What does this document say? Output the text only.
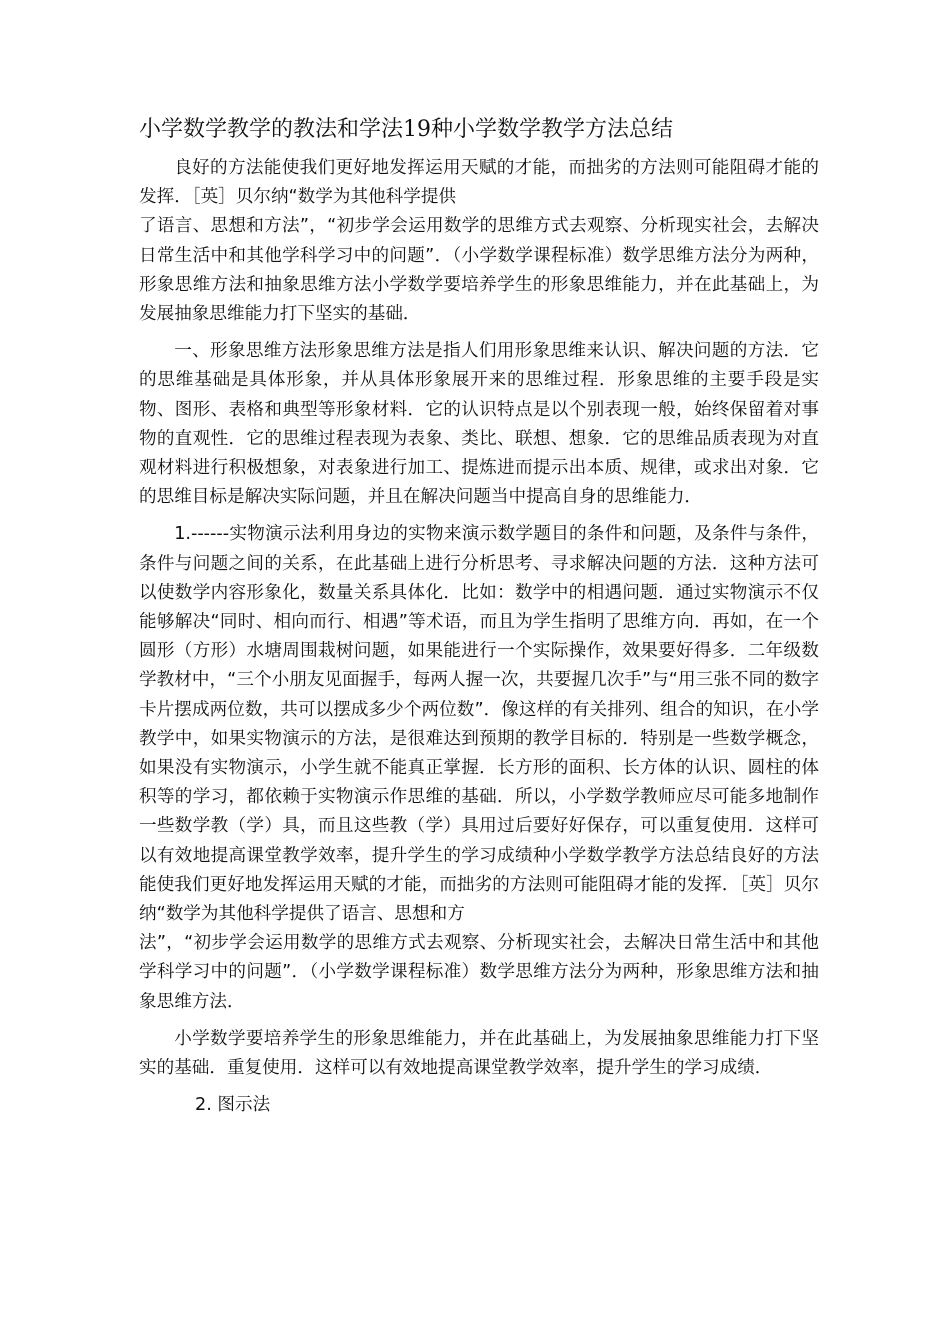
小学数学教学的教法和学法19种小学数学教学方法总结

良好的方法能使我们更好地发挥运用天赋的才能，而拙劣的方法则可能阻碍才能的发挥．［英］贝尔纳“数学为其他科学提供

了语言、思想和方法”，“初步学会运用数学的思维方式去观察、分析现实社会，去解决日常生活中和其他学科学习中的问题”．（小学数学课程标准）数学思维方法分为两种，形象思维方法和抽象思维方法小学数学要培养学生的形象思维能力，并在此基础上，为发展抽象思维能力打下坚实的基础．

一、形象思维方法形象思维方法是指人们用形象思维来认识、解决问题的方法．它的思维基础是具体形象，并从具体形象展开来的思维过程．形象思维的主要手段是实物、图形、表格和典型等形象材料．它的认识特点是以个别表现一般，始终保留着对事物的直观性．它的思维过程表现为表象、类比、联想、想象．它的思维品质表现为对直观材料进行积极想象，对表象进行加工、提炼进而提示出本质、规律，或求出对象．它的思维目标是解决实际问题，并且在解决问题当中提高自身的思维能力．

1.------实物演示法利用身边的实物来演示数学题目的条件和问题，及条件与条件，条件与问题之间的关系，在此基础上进行分析思考、寻求解决问题的方法．这种方法可以使数学内容形象化，数量关系具体化．比如：数学中的相遇问题．通过实物演示不仅能够解决“同时、相向而行、相遇”等术语，而且为学生指明了思维方向．再如，在一个圆形（方形）水塘周围栽树问题，如果能进行一个实际操作，效果要好得多．二年级数学教材中，“三个小朋友见面握手，每两人握一次，共要握几次手”与“用三张不同的数字卡片摆成两位数，共可以摆成多少个两位数”．像这样的有关排列、组合的知识，在小学教学中，如果实物演示的方法，是很难达到预期的教学目标的．特别是一些数学概念，如果没有实物演示，小学生就不能真正掌握．长方形的面积、长方体的认识、圆柱的体积等的学习，都依赖于实物演示作思维的基础．所以，小学数学教师应尽可能多地制作一些数学教（学）具，而且这些教（学）具用过后要好好保存，可以重复使用．这样可以有效地提高课堂教学效率，提升学生的学习成绩种小学数学教学方法总结良好的方法能使我们更好地发挥运用天赋的才能，而拙劣的方法则可能阻碍才能的发挥．［英］贝尔纳“数学为其他科学提供了语言、思想和方

法”，“初步学会运用数学的思维方式去观察、分析现实社会，去解决日常生活中和其他学科学习中的问题”．（小学数学课程标准）数学思维方法分为两种，形象思维方法和抽象思维方法．

小学数学要培养学生的形象思维能力，并在此基础上，为发展抽象思维能力打下坚实的基础．重复使用．这样可以有效地提高课堂教学效率，提升学生的学习成绩．

2. 图示法
